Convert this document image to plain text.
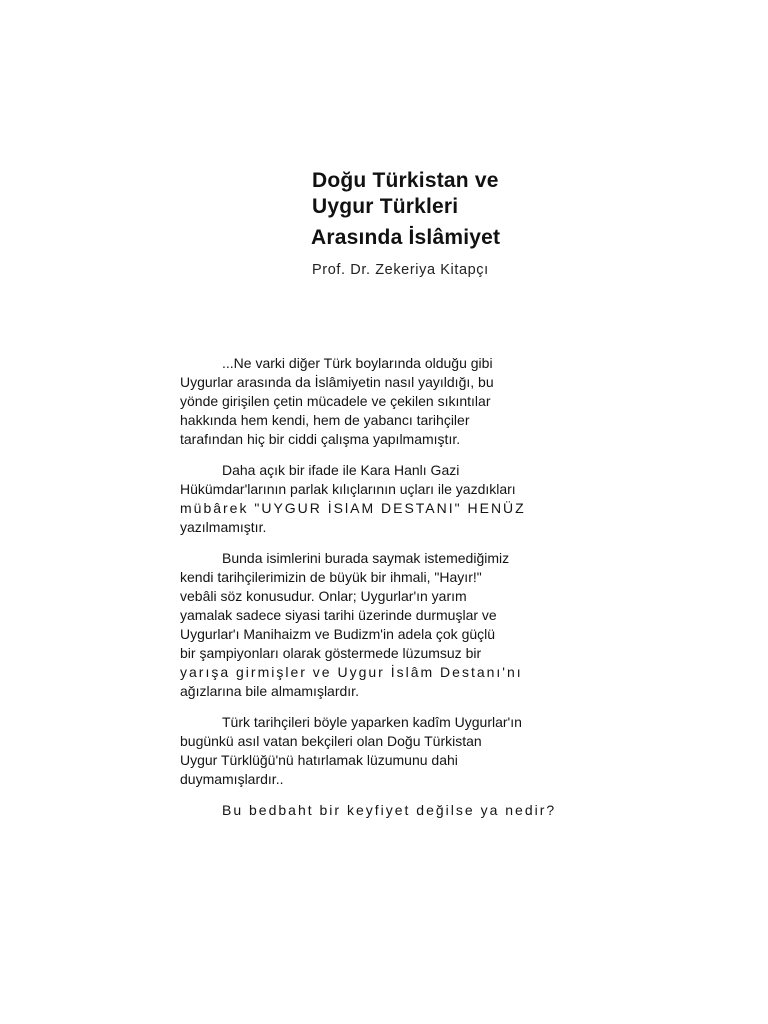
Doğu Türkistan ve
Uygur Türkleri
Arasında İslâmiyet
Prof. Dr. Zekeriya Kitapçı
...Ne varki diğer Türk boylarında olduğu gibi
Uygurlar arasında da İslâmiyetin nasıl yayıldığı, bu
yönde girişilen çetin mücadele ve çekilen sıkıntılar
hakkında hem kendi, hem de yabancı tarihçiler
tarafından hiç bir ciddi çalışma yapılmamıştır.
Daha açık bir ifade ile Kara Hanlı Gazi
Hükümdar'larının parlak kılıçlarının uçları ile yazdıkları
mübârek "UYGUR İSlAM DESTANI" HENÜZ
yazılmamıştır.
Bunda isimlerini burada saymak istemediğimiz
kendi tarihçilerimizin de büyük bir ihmali, "Hayır!"
vebâli söz konusudur. Onlar; Uygurlar'ın yarım
yamalak sadece siyasi tarihi üzerinde durmuşlar ve
Uygurlar'ı Manihaizm ve Budizm'in adela çok güçlü
bir şampiyonları olarak göstermede lüzumsuz bir
yarışa girmişler ve Uygur İslâm Destanı'nı
ağızlarına bile almamışlardır.
Türk tarihçileri böyle yaparken kadîm Uygurlar'ın
bugünkü asıl vatan bekçileri olan Doğu Türkistan
Uygur Türklüğü'nü hatırlamak lüzumunu dahi
duymamışlardır..
Bu bedbaht bir keyfiyet değilse ya nedir?
